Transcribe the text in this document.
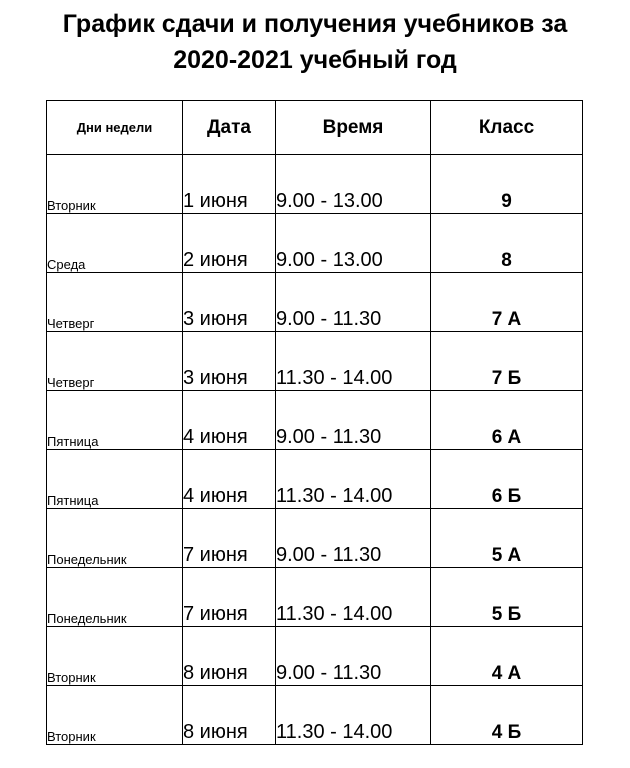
График сдачи и получения учебников за
2020-2021 учебный год
Дни недели	Дата	Время	Класс
Вторник	1 июня	9.00 - 13.00	9
Среда	2 июня	9.00 - 13.00	8
Четверг	3 июня	9.00 - 11.30	7 А
Четверг	3 июня	11.30 - 14.00	7 Б
Пятница	4 июня	9.00 - 11.30	6 А
Пятница	4 июня	11.30 - 14.00	6 Б
Понедельник	7 июня	9.00 - 11.30	5 А
Понедельник	7 июня	11.30 - 14.00	5 Б
Вторник	8 июня	9.00 - 11.30	4 А
Вторник	8 июня	11.30 - 14.00	4 Б
